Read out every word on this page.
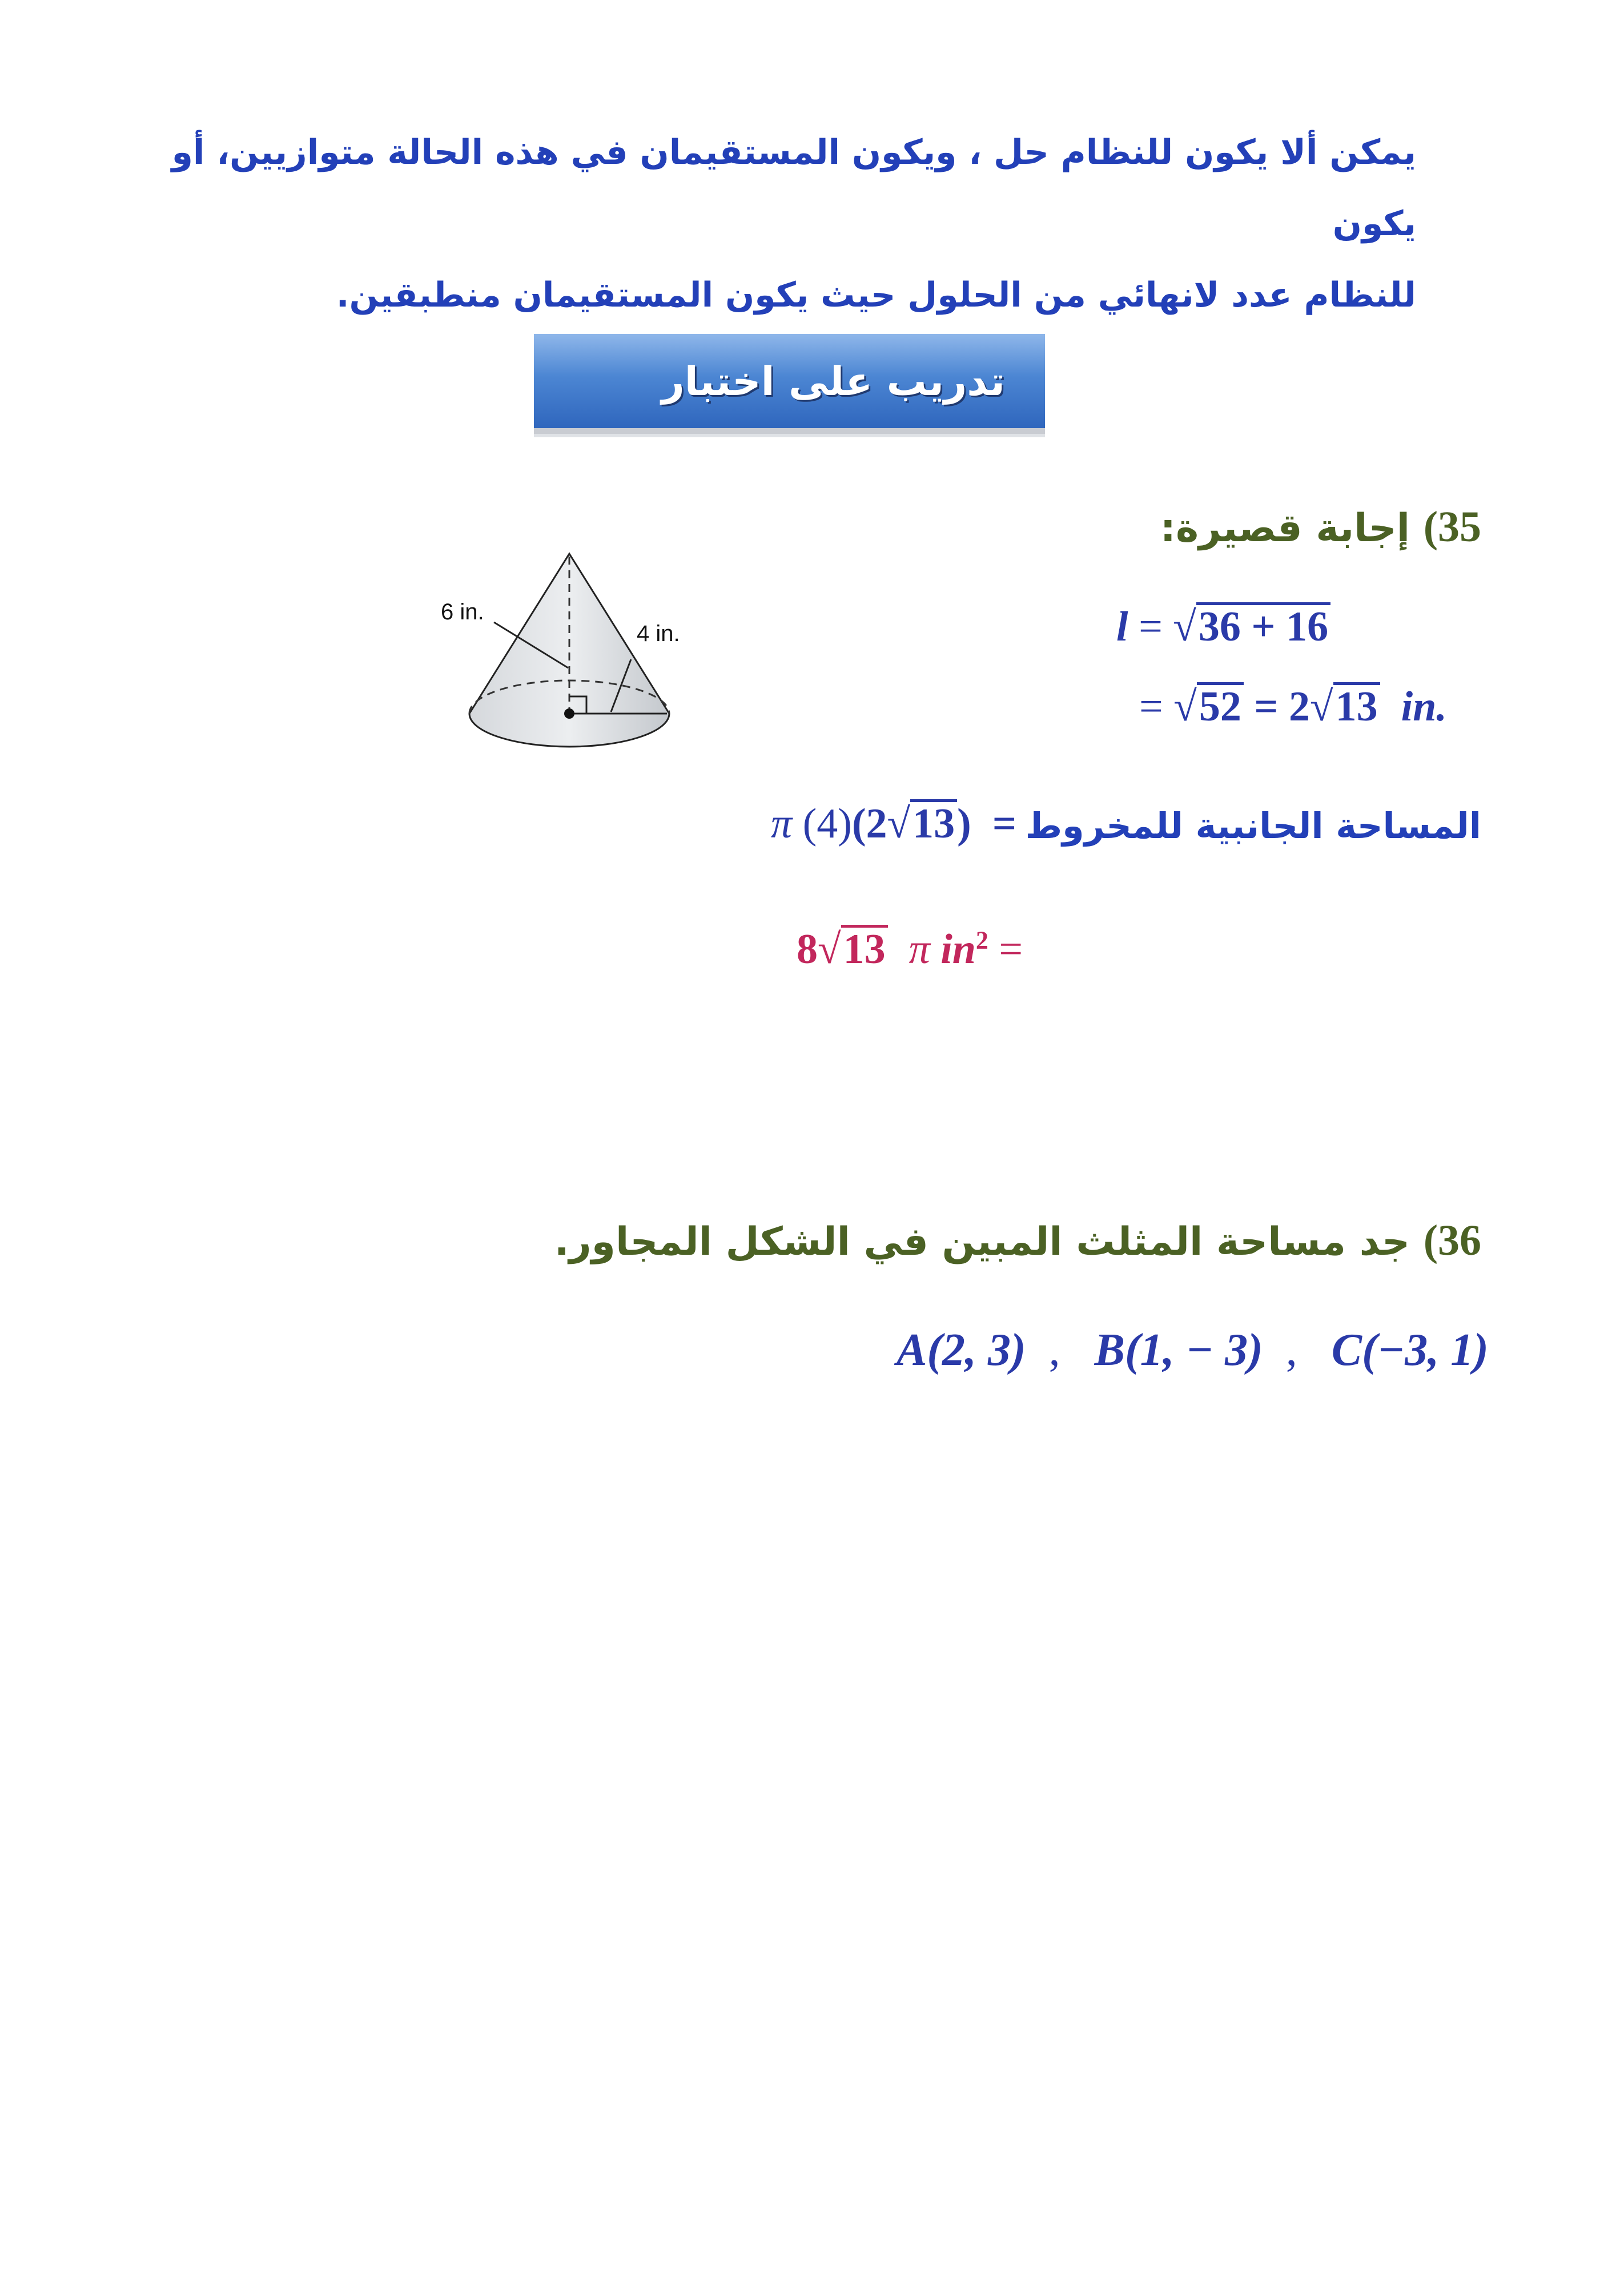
يمكن ألا يكون للنظام حل ، ويكون المستقيمان في هذه الحالة متوازيين، أو يكون
للنظام عدد لانهائي من الحلول حيث يكون المستقيمان منطبقين.
تدريب على اختبار
35) إجابة قصيرة:
6 in.
4 in.	l = √36 + 16
= √52 = 2√13 in.
المساحة الجانبية للمخروط
π (4)(2√13) =
8√13 π $in^2$ =
36) جد مساحة المثلث المبين في الشكل المجاور.
A(2, 3) , B(1, − 3) , C(−3, 1)
